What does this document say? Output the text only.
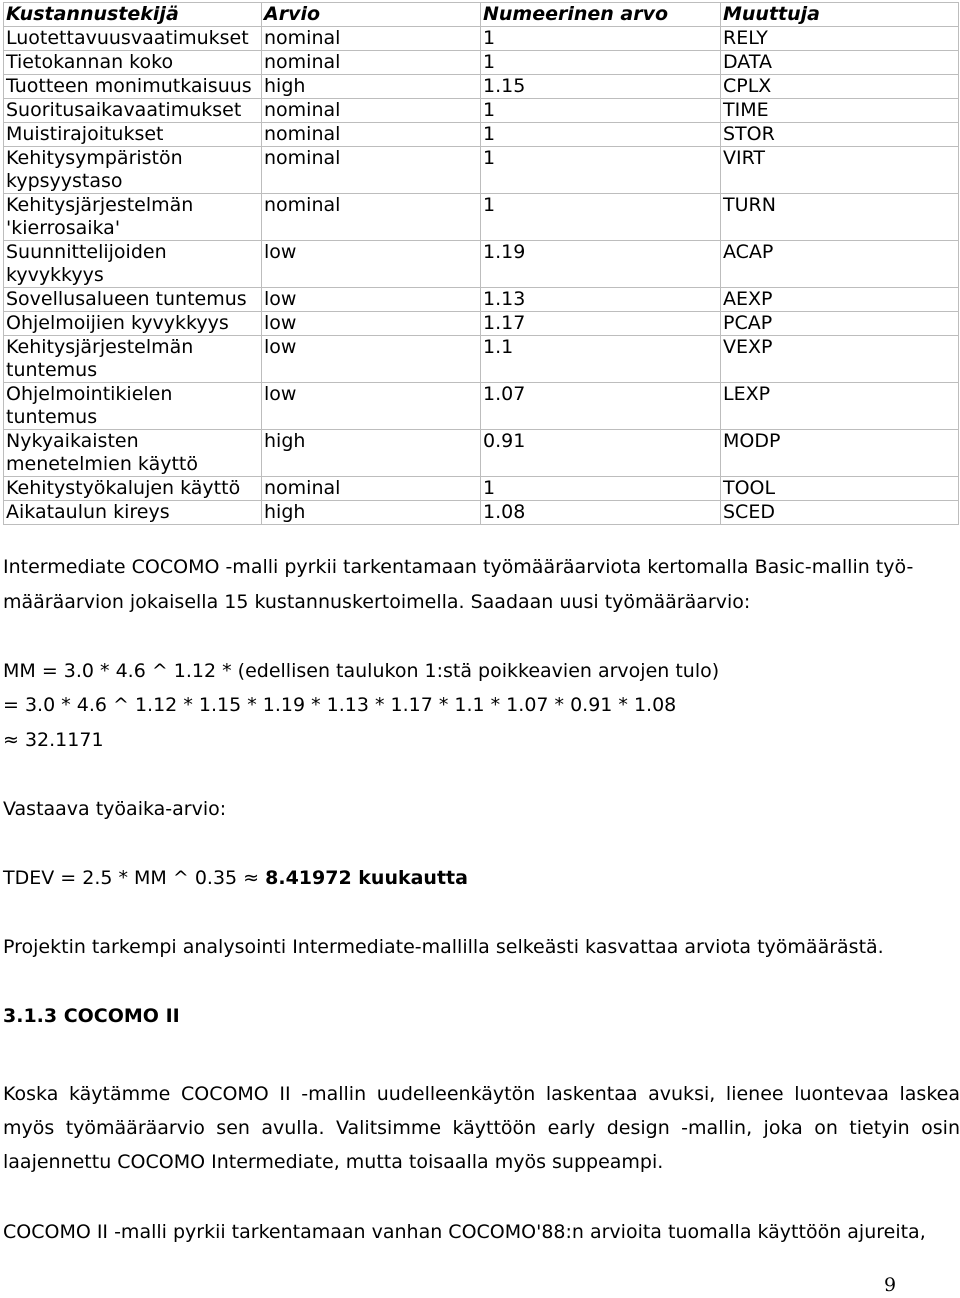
Kustannustekijä	Arvio	Numeerinen arvo	Muuttuja
Luotettavuusvaatimukset	nominal	1	RELY
Tietokannan koko	nominal	1	DATA
Tuotteen monimutkaisuus	high	1.15	CPLX
Suoritusaikavaatimukset	nominal	1	TIME
Muistirajoitukset	nominal	1	STOR
Kehitysympäristön kypsyystaso	nominal	1	VIRT
Kehitysjärjestelmän 'kierrosaika'	nominal	1	TURN
Suunnittelijoiden kyvykkyys	low	1.19	ACAP
Sovellusalueen tuntemus	low	1.13	AEXP
Ohjelmoijien kyvykkyys	low	1.17	PCAP
Kehitysjärjestelmän tuntemus	low	1.1	VEXP
Ohjelmointikielen tuntemus	low	1.07	LEXP
Nykyaikaisten menetelmien käyttö	high	0.91	MODP
Kehitystyökalujen käyttö	nominal	1	TOOL
Aikataulun kireys	high	1.08	SCED

Intermediate COCOMO -malli pyrkii tarkentamaan työmääräarviota kertomalla Basic-mallin työ-

määräarvion jokaisella 15 kustannuskertoimella. Saadaan uusi työmääräarvio:

MM = 3.0 * 4.6 ^ 1.12 * (edellisen taulukon 1:stä poikkeavien arvojen tulo)

= 3.0 * 4.6 ^ 1.12 * 1.15 * 1.19 * 1.13 * 1.17 * 1.1 * 1.07 * 0.91 * 1.08

≈ 32.1171

Vastaava työaika-arvio:

TDEV = 2.5 * MM ^ 0.35 ≈ 8.41972 kuukautta

Projektin tarkempi analysointi Intermediate-mallilla selkeästi kasvattaa arviota työmäärästä.

3.1.3 COCOMO II

Koska käytämme COCOMO II -mallin uudelleenkäytön laskentaa avuksi, lienee luontevaa laskea myös työmääräarvio sen avulla. Valitsimme käyttöön early design -mallin, joka on tietyin osin laajennettu COCOMO Intermediate, mutta toisaalla myös suppeampi.

COCOMO II -malli pyrkii tarkentamaan vanhan COCOMO'88:n arvioita tuomalla käyttöön ajureita,

9
